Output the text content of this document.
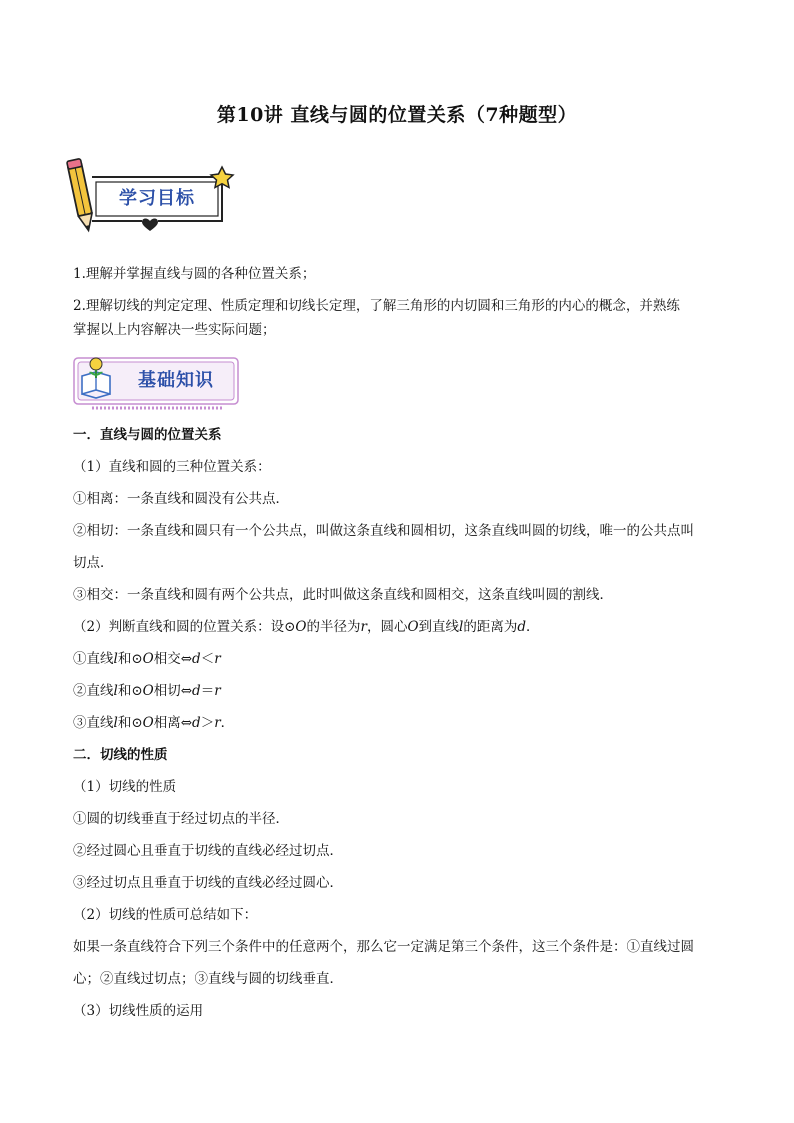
第10讲 直线与圆的位置关系（7种题型）
学习目标
1.理解并掌握直线与圆的各种位置关系；
2.理解切线的判定定理、性质定理和切线长定理，了解三角形的内切圆和三角形的内心的概念，并熟练
掌握以上内容解决一些实际问题；
基础知识
一．直线与圆的位置关系
（1）直线和圆的三种位置关系：
①相离：一条直线和圆没有公共点．
②相切：一条直线和圆只有一个公共点，叫做这条直线和圆相切，这条直线叫圆的切线，唯一的公共点叫
切点．
③相交：一条直线和圆有两个公共点，此时叫做这条直线和圆相交，这条直线叫圆的割线．
（2）判断直线和圆的位置关系：设⊙O的半径为r，圆心O到直线l的距离为d．
①直线l和⊙O相交⇔d＜r
②直线l和⊙O相切⇔d＝r
③直线l和⊙O相离⇔d＞r．
二．切线的性质
（1）切线的性质
①圆的切线垂直于经过切点的半径．
②经过圆心且垂直于切线的直线必经过切点．
③经过切点且垂直于切线的直线必经过圆心．
（2）切线的性质可总结如下：
如果一条直线符合下列三个条件中的任意两个，那么它一定满足第三个条件，这三个条件是：①直线过圆
心；②直线过切点；③直线与圆的切线垂直．
（3）切线性质的运用
